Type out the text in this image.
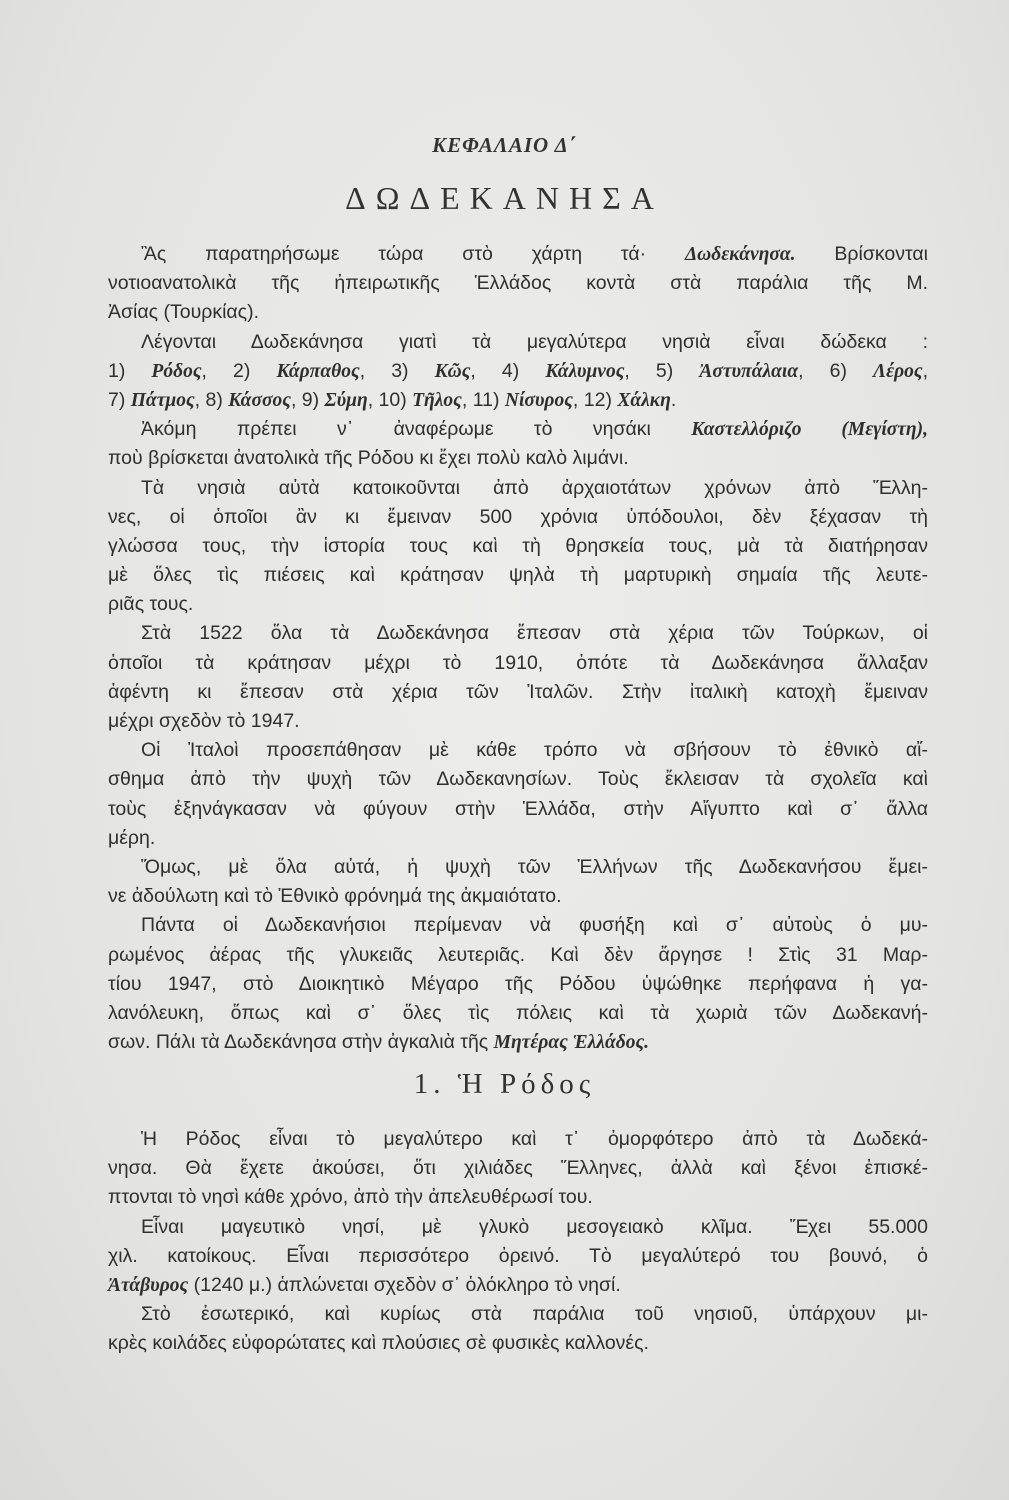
ΚΕΦΑΛΑΙΟ Δ΄
ΔΩΔΕΚΑΝΗΣΑ
Ἂς παρατηρήσωμε τώρα στὸ χάρτη τά· Δωδεκάνησα. Βρίσκονται
νοτιοανατολικὰ τῆς ἠπειρωτικῆς Ἑλλάδος κοντὰ στὰ παράλια τῆς Μ.
Ἀσίας (Τουρκίας).
Λέγονται Δωδεκάνησα γιατὶ τὰ μεγαλύτερα νησιὰ εἶναι δώδεκα :
1) Ρόδος, 2) Κάρπαθος, 3) Κῶς, 4) Κάλυμνος, 5) Ἀστυπάλαια, 6) Λέρος,
7) Πάτμος, 8) Κάσσος, 9) Σύμη, 10) Τῆλος, 11) Νίσυρος, 12) Χάλκη.
Ἀκόμη πρέπει ν᾽ ἀναφέρωμε τὸ νησάκι Καστελλόριζο (Μεγίστη),
ποὺ βρίσκεται ἀνατολικὰ τῆς Ρόδου κι ἔχει πολὺ καλὸ λιμάνι.
Τὰ νησιὰ αὐτὰ κατοικοῦνται ἀπὸ ἀρχαιοτάτων χρόνων ἀπὸ Ἕλλη-
νες, οἱ ὁποῖοι ἂν κι ἔμειναν 500 χρόνια ὑπόδουλοι, δὲν ξέχασαν τὴ
γλώσσα τους, τὴν ἱστορία τους καὶ τὴ θρησκεία τους, μὰ τὰ διατήρησαν
μὲ ὅλες τὶς πιέσεις καὶ κράτησαν ψηλὰ τὴ μαρτυρικὴ σημαία τῆς λευτε-
ριᾶς τους.
Στὰ 1522 ὅλα τὰ Δωδεκάνησα ἔπεσαν στὰ χέρια τῶν Τούρκων, οἱ
ὁποῖοι τὰ κράτησαν μέχρι τὸ 1910, ὁπότε τὰ Δωδεκάνησα ἄλλαξαν
ἀφέντη κι ἔπεσαν στὰ χέρια τῶν Ἰταλῶν. Στὴν ἰταλικὴ κατοχὴ ἔμειναν
μέχρι σχεδὸν τὸ 1947.
Οἱ Ἰταλοὶ προσεπάθησαν μὲ κάθε τρόπο νὰ σβήσουν τὸ ἐθνικὸ αἴ-
σθημα ἀπὸ τὴν ψυχὴ τῶν Δωδεκανησίων. Τοὺς ἔκλεισαν τὰ σχολεῖα καὶ
τοὺς ἐξηνάγκασαν νὰ φύγουν στὴν Ἑλλάδα, στὴν Αἴγυπτο καὶ σ᾽ ἄλλα
μέρη.
Ὅμως, μὲ ὅλα αὐτά, ἡ ψυχὴ τῶν Ἑλλήνων τῆς Δωδεκανήσου ἔμει-
νε ἀδούλωτη καὶ τὸ Ἐθνικὸ φρόνημά της ἀκμαιότατο.
Πάντα οἱ Δωδεκανήσιοι περίμεναν νὰ φυσήξη καὶ σ᾽ αὐτοὺς ὁ μυ-
ρωμένος ἀέρας τῆς γλυκειᾶς λευτεριᾶς. Καὶ δὲν ἄργησε ! Στὶς 31 Μαρ-
τίου 1947, στὸ Διοικητικὸ Μέγαρο τῆς Ρόδου ὑψώθηκε περήφανα ἡ γα-
λανόλευκη, ὅπως καὶ σ᾽ ὅλες τὶς πόλεις καὶ τὰ χωριὰ τῶν Δωδεκανή-
σων. Πάλι τὰ Δωδεκάνησα στὴν ἀγκαλιὰ τῆς Μητέρας Ἑλλάδος.
1. Ἡ Ρόδος
Ἡ Ρόδος εἶναι τὸ μεγαλύτερο καὶ τ᾽ ὀμορφότερο ἀπὸ τὰ Δωδεκά-
νησα. Θὰ ἔχετε ἀκούσει, ὅτι χιλιάδες Ἕλληνες, ἀλλὰ καὶ ξένοι ἐπισκέ-
πτονται τὸ νησὶ κάθε χρόνο, ἀπὸ τὴν ἀπελευθέρωσί του.
Εἶναι μαγευτικὸ νησί, μὲ γλυκὸ μεσογειακὸ κλῖμα. Ἔχει 55.000
χιλ. κατοίκους. Εἶναι περισσότερο ὀρεινό. Τὸ μεγαλύτερό του βουνό, ὁ
Ἀτάβυρος (1240 μ.) ἁπλώνεται σχεδὸν σ᾽ ὁλόκληρο τὸ νησί.
Στὸ ἐσωτερικό, καὶ κυρίως στὰ παράλια τοῦ νησιοῦ, ὑπάρχουν μι-
κρὲς κοιλάδες εὐφορώτατες καὶ πλούσιες σὲ φυσικὲς καλλονές.
